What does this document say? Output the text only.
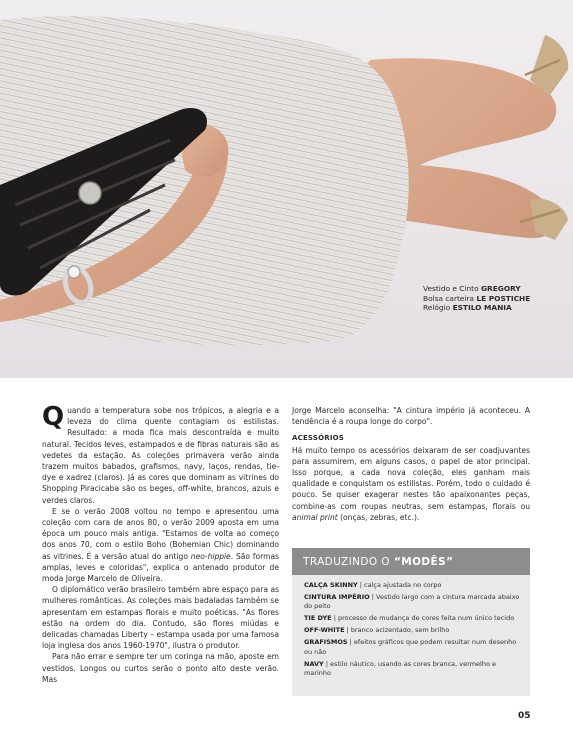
Vestido e Cinto GREGORY
Bolsa carteira LE POSTICHE
Relógio ESTILO MANIA

Quando a temperatura sobe nos trópicos, a alegria e a leveza do clima quente contagiam os estilistas. Resultado: a moda fica mais descontraída e muito natural. Tecidos leves, estampados e de fibras naturais são as vedetes da estação. As coleções primavera verão ainda trazem muitos babados, grafismos, navy, laços, rendas, tie-dye e xadrez (claros). Já as cores que dominam as vitrines do Shopping Piracicaba são os beges, off-white, brancos, azuis e verdes claros.

E se o verão 2008 voltou no tempo e apresentou uma coleção com cara de anos 80, o verão 2009 aposta em uma época um pouco mais antiga. "Estamos de volta ao começo dos anos 70, com o estilo Boho (Bohemian Chic) dominando as vitrines. É a versão atual do antigo neo-hippie. São formas amplas, leves e coloridas", explica o antenado produtor de moda Jorge Marcelo de Oliveira.

O diplomático verão brasileiro também abre espaço para as mulheres românticas. As coleções mais badaladas também se apresentam em estampas florais e muito poéticas. "As flores estão na ordem do dia. Contudo, são flores miúdas e delicadas chamadas Liberty – estampa usada por uma famosa loja inglesa dos anos 1960-1970", ilustra o produtor.

Para não errar e sempre ter um coringa na mão, aposte em vestidos. Longos ou curtos serão o ponto alto deste verão. Mas

Jorge Marcelo aconselha: "A cintura império já aconteceu. A tendência é a roupa longe do corpo".

ACESSÓRIOS

Há muito tempo os acessórios deixaram de ser coadjuvantes para assumirem, em alguns casos, o papel de ator principal. Isso porque, a cada nova coleção, eles ganham mais qualidade e conquistam os estilistas. Porém, todo o cuidado é pouco. Se quiser exagerar nestes tão apaixonantes peças, combine-as com roupas neutras, sem estampas, florais ou animal print (onças, zebras, etc.).

TRADUZINDO O “MODÊS”
CALÇA SKINNY | calça ajustada no corpo
CINTURA IMPÉRIO | Vestido largo com a cintura marcada abaixo do peito
TIE DYE | processo de mudança de cores feita num único tecido
OFF-WHITE | branco acizentado, sem brilho
GRAFISMOS | efeitos gráficos que podem resultar num desenho ou não
NAVY | estilo náutico, usando as cores branca, vermelho e marinho
05
